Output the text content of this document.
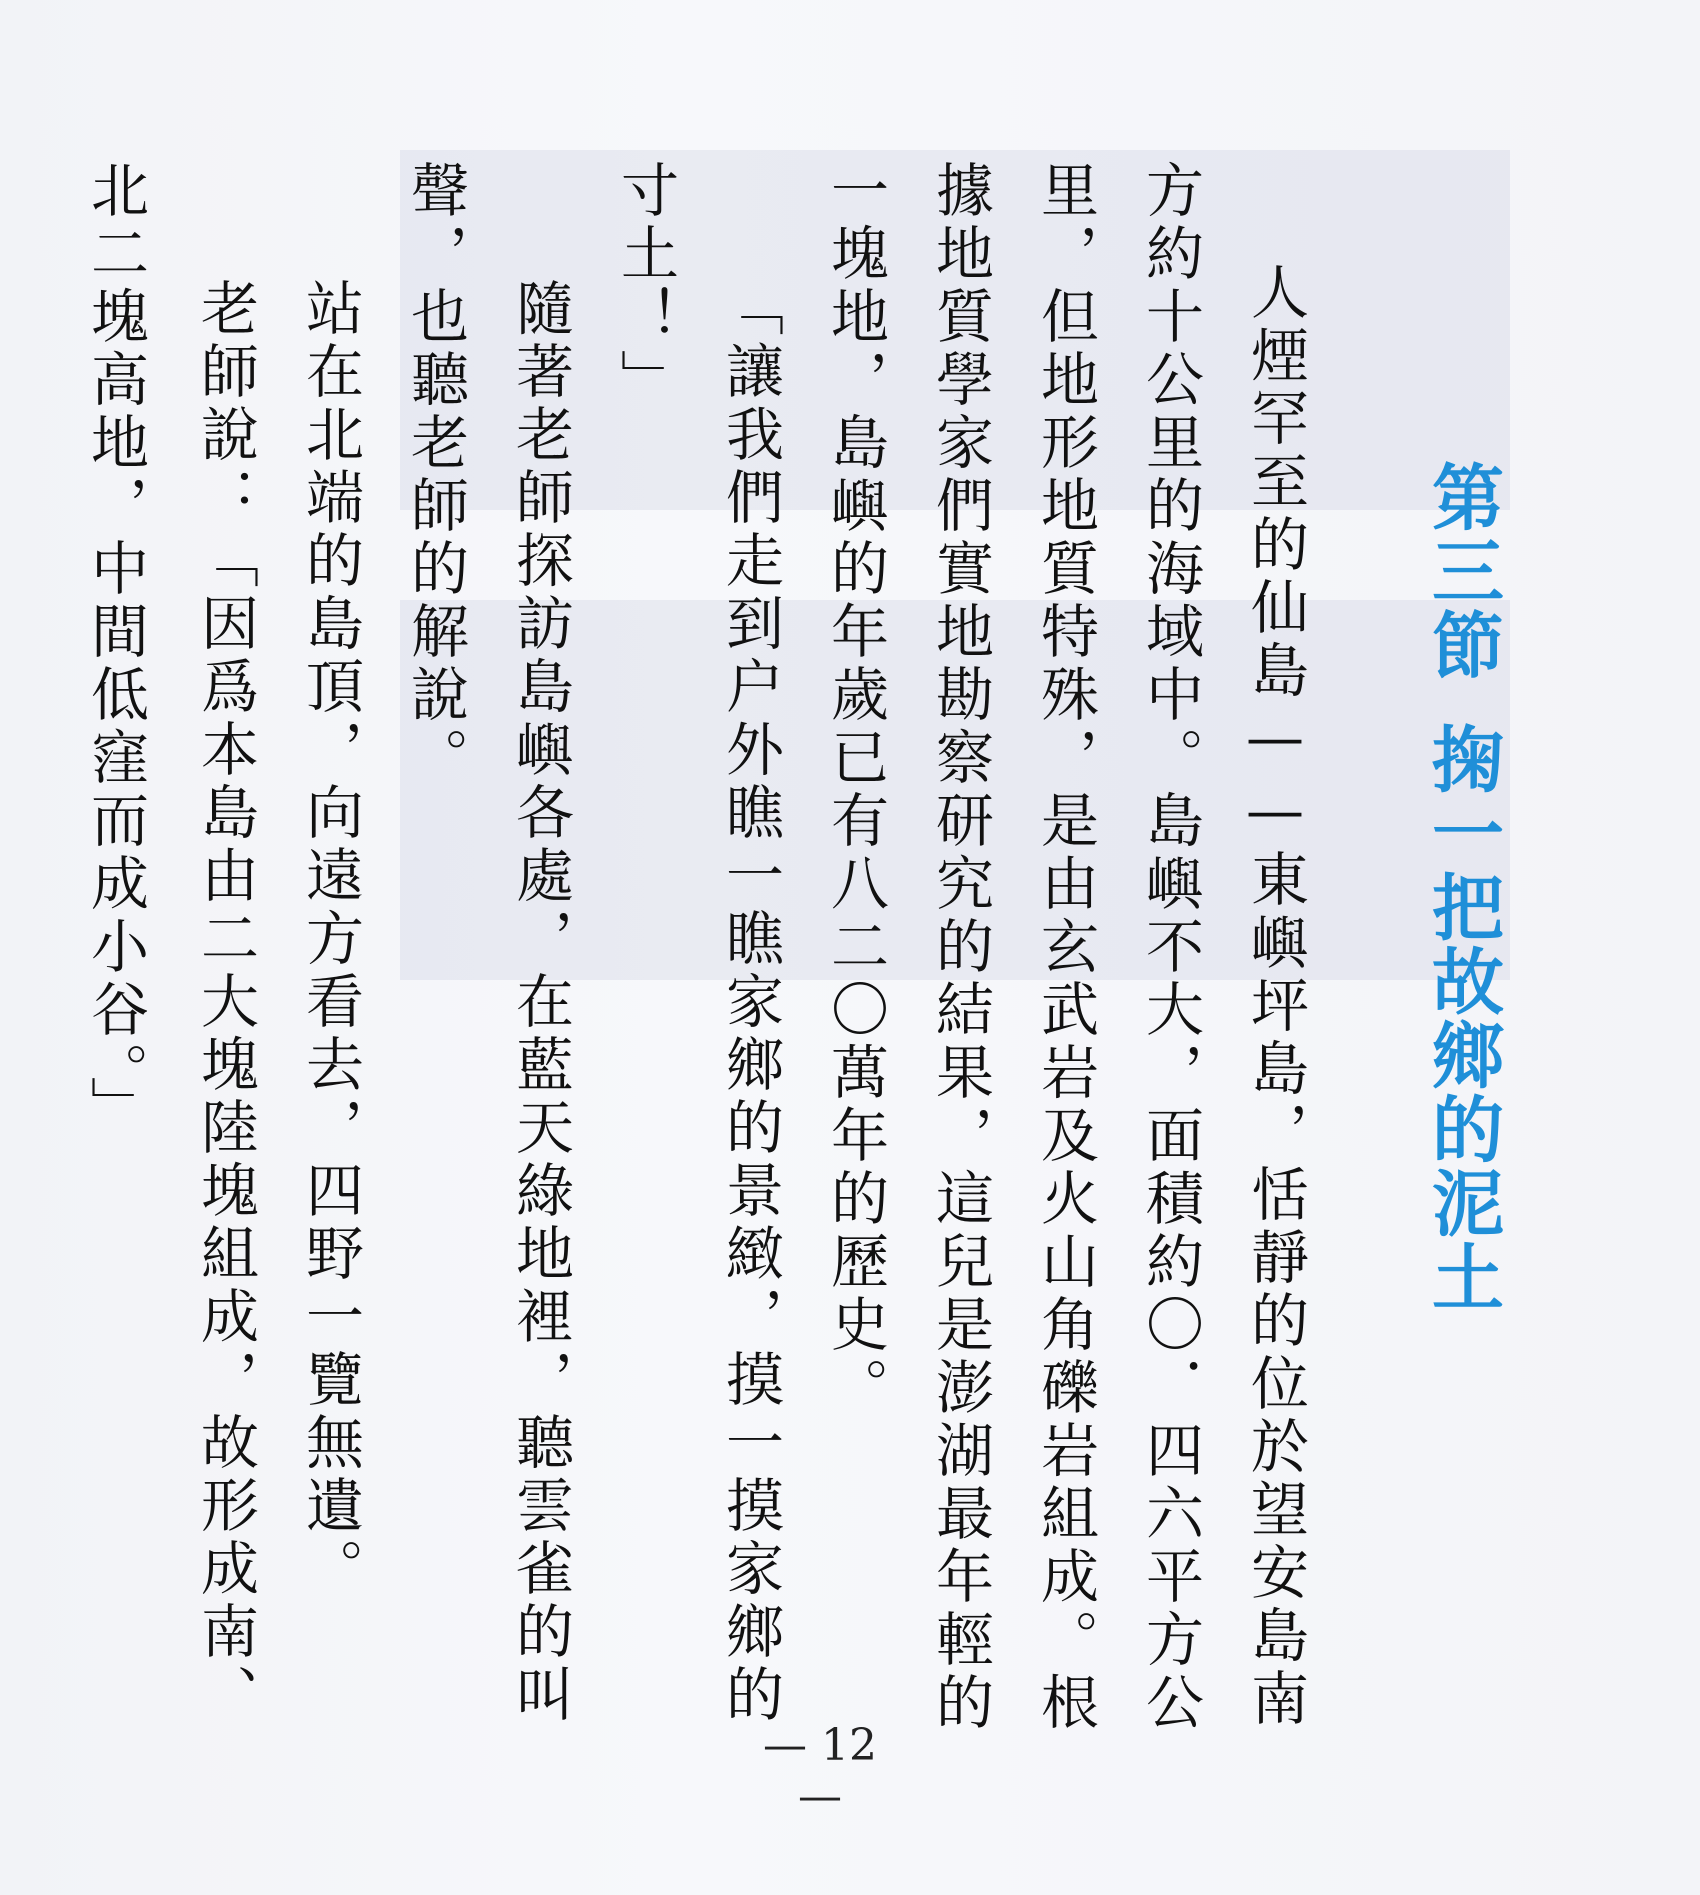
第三節掬一把故鄉的泥土
人煙罕至的仙島——東嶼坪島，恬靜的位於望安島南
方約十公里的海域中。島嶼不大，面積約〇．四六平方公
里，但地形地質特殊，是由玄武岩及火山角礫岩組成。根
據地質學家們實地勘察研究的結果，這兒是澎湖最年輕的
一塊地，島嶼的年歲已有八二〇萬年的歷史。
「讓我們走到户外瞧一瞧家鄉的景緻，摸一摸家鄉的
寸土！」
隨著老師探訪島嶼各處，在藍天綠地裡，聽雲雀的叫
聲，也聽老師的解說。
站在北端的島頂，向遠方看去，四野一覽無遺。
老師說：「因爲本島由二大塊陸塊組成，故形成南、
北二塊高地，中間低窪而成小谷。」
— 12 —
